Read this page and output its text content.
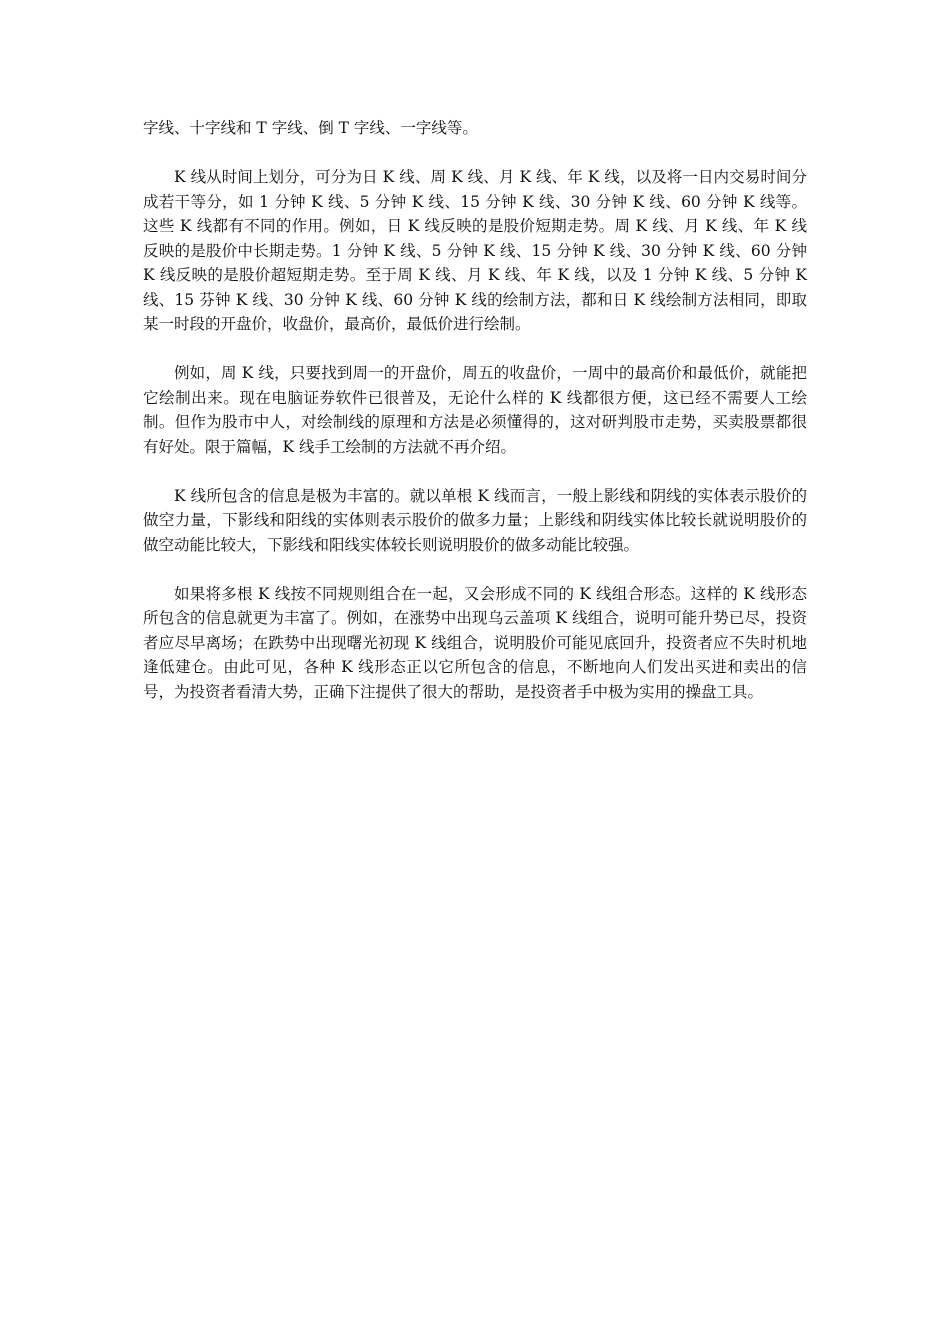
字线、十字线和 T 字线、倒 T 字线、一字线等。

K 线从时间上划分，可分为日 K 线、周 K 线、月 K 线、年 K 线，以及将一日内交易时间分成若干等分，如 1 分钟 K 线、5 分钟 K 线、15 分钟 K 线、30 分钟 K 线、60 分钟 K 线等。这些 K 线都有不同的作用。例如，日 K 线反映的是股价短期走势。周 K 线、月 K 线、年 K 线反映的是股价中长期走势。1 分钟 K 线、5 分钟 K 线、15 分钟 K 线、30 分钟 K 线、60 分钟 K 线反映的是股价超短期走势。至于周 K 线、月 K 线、年 K 线，以及 1 分钟 K 线、5 分钟 K 线、15 芬钟 K 线、30 分钟 K 线、60 分钟 K 线的绘制方法，都和日 K 线绘制方法相同，即取某一时段的开盘价，收盘价，最高价，最低价进行绘制。

例如，周 K 线，只要找到周一的开盘价，周五的收盘价，一周中的最高价和最低价，就能把它绘制出来。现在电脑证券软件已很普及，无论什么样的 K 线都很方便，这已经不需要人工绘制。但作为股市中人，对绘制线的原理和方法是必须懂得的，这对研判股市走势，买卖股票都很有好处。限于篇幅，K 线手工绘制的方法就不再介绍。

K 线所包含的信息是极为丰富的。就以单根 K 线而言，一般上影线和阴线的实体表示股价的做空力量，下影线和阳线的实体则表示股价的做多力量；上影线和阴线实体比较长就说明股价的做空动能比较大，下影线和阳线实体较长则说明股价的做多动能比较强。

如果将多根 K 线按不同规则组合在一起，又会形成不同的 K 线组合形态。这样的 K 线形态所包含的信息就更为丰富了。例如，在涨势中出现乌云盖项 K 线组合，说明可能升势已尽，投资者应尽早离场；在跌势中出现曙光初现 K 线组合，说明股价可能见底回升，投资者应不失时机地逢低建仓。由此可见，各种 K 线形态正以它所包含的信息，不断地向人们发出买进和卖出的信号，为投资者看清大势，正确下注提供了很大的帮助，是投资者手中极为实用的操盘工具。
